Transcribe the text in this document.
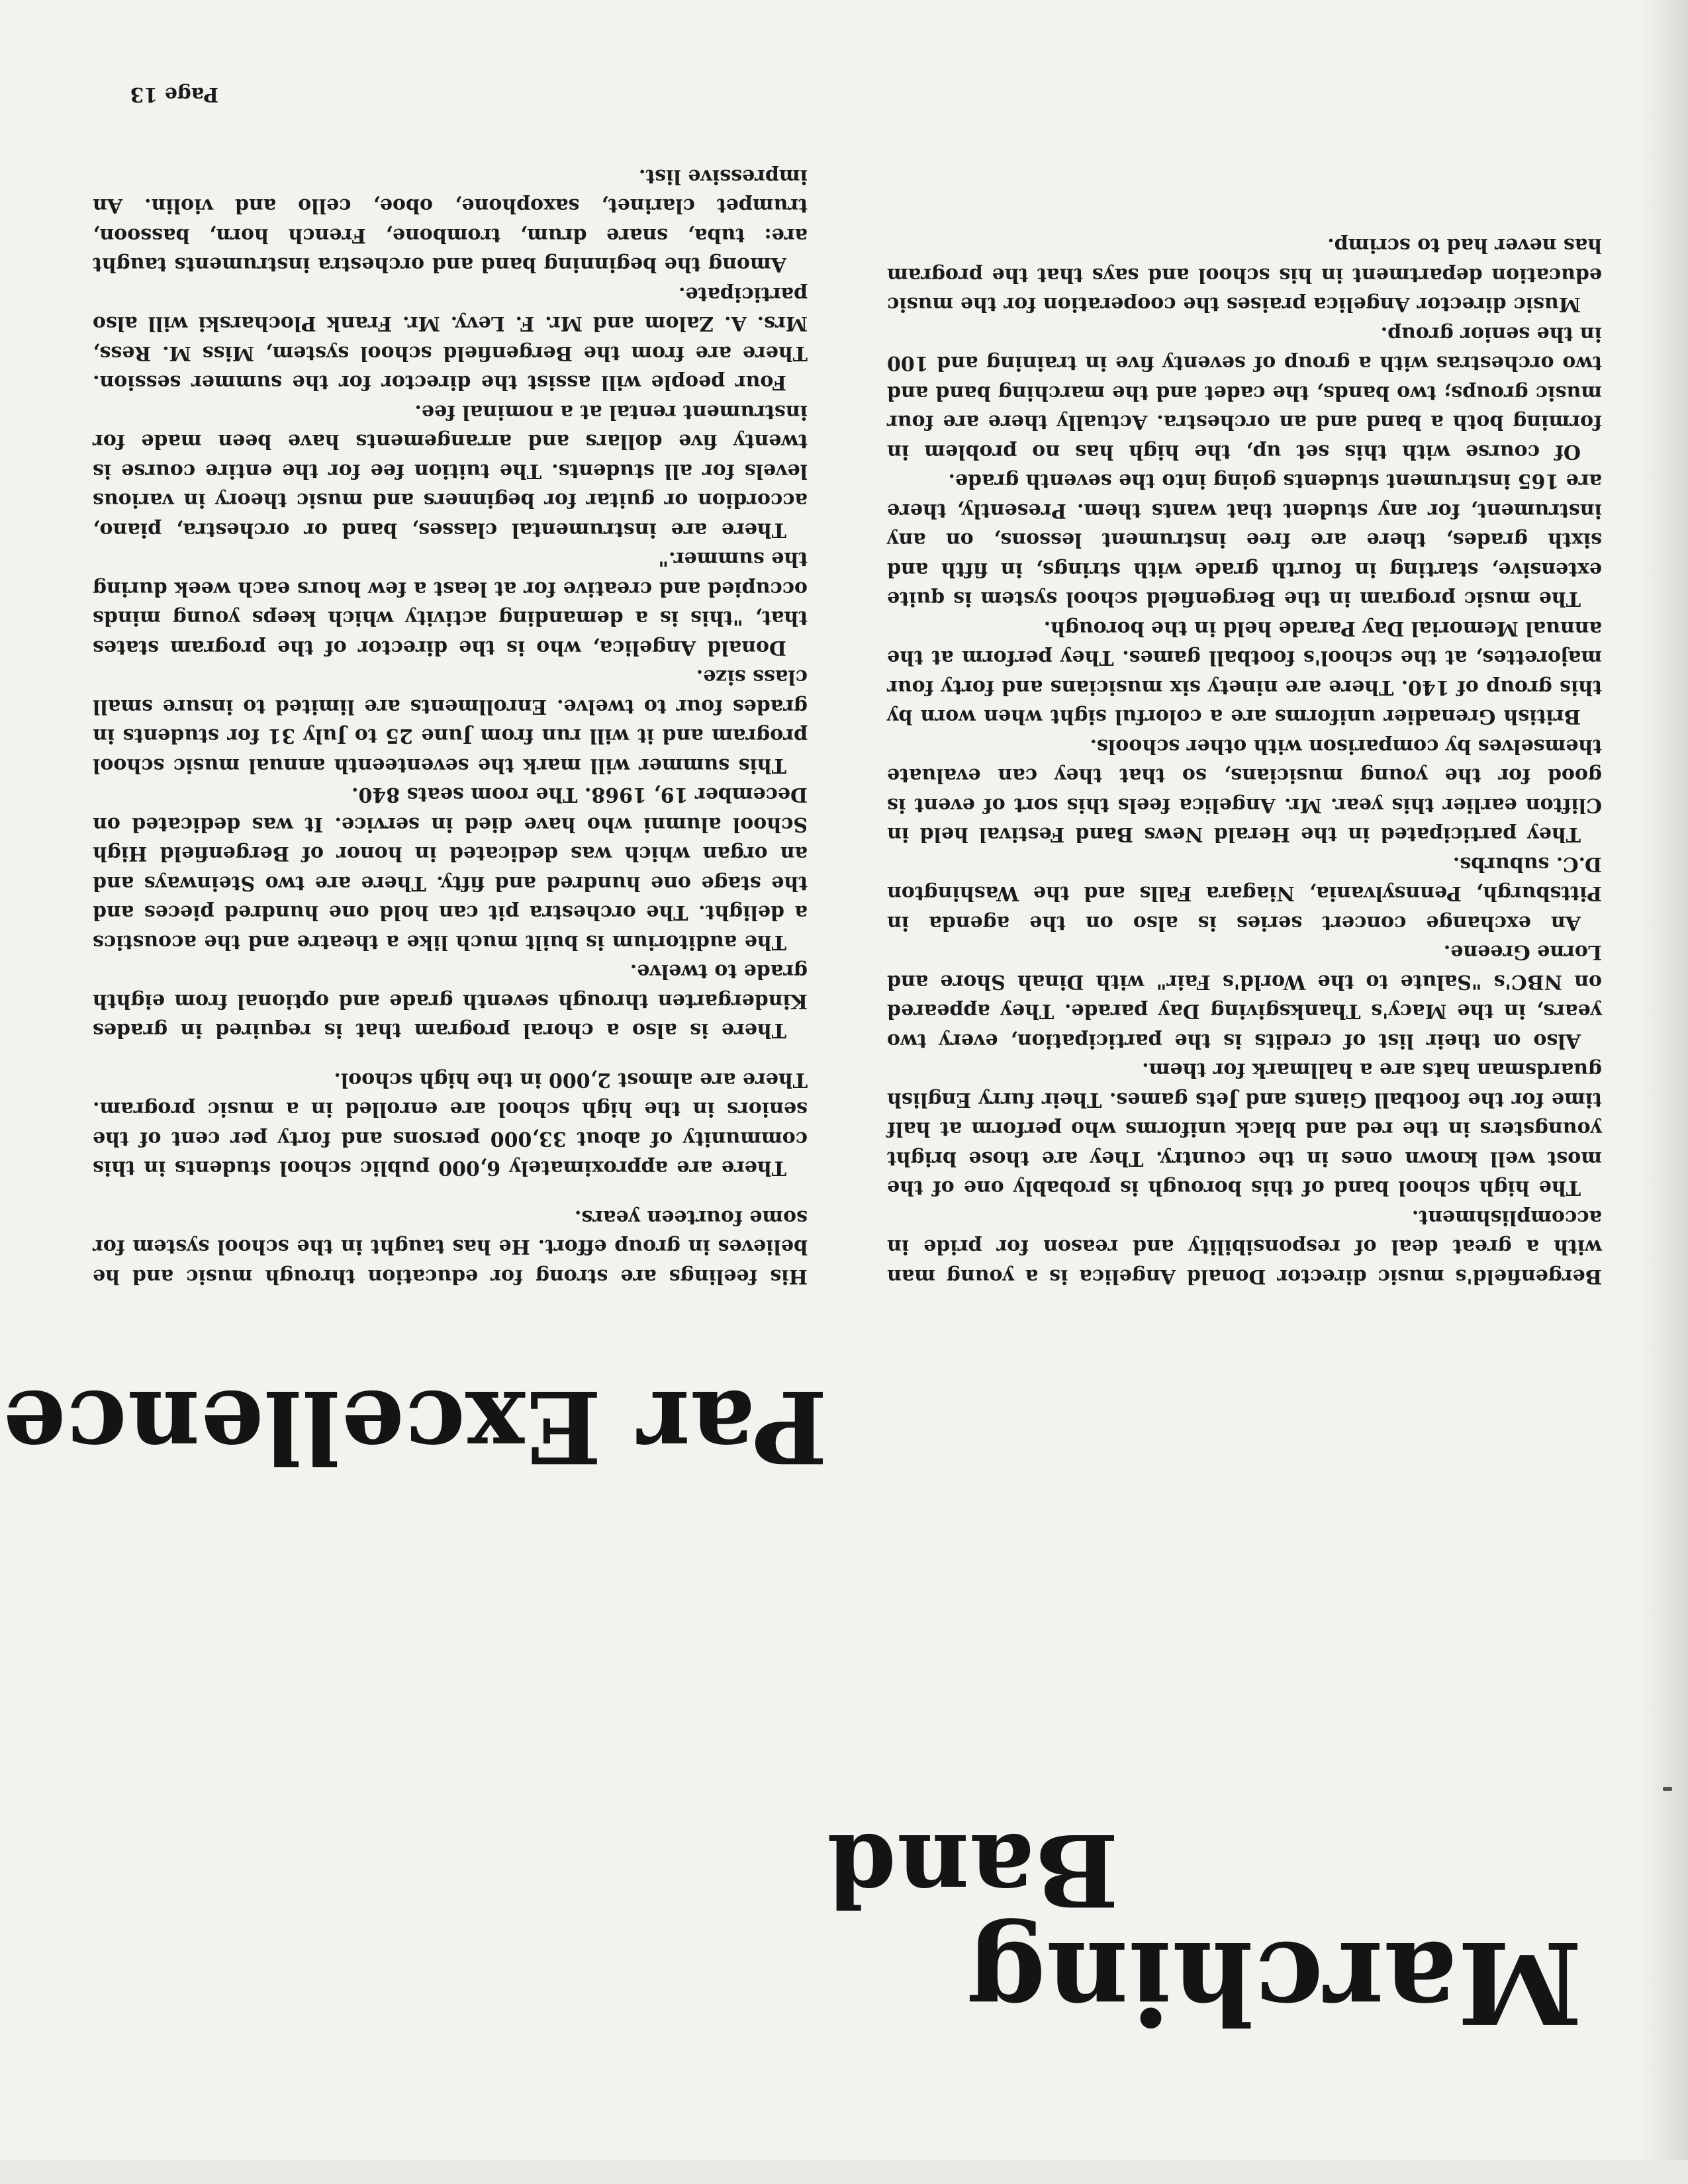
Marching
Band
Par Excellence

Bergenfield's music director Donald Angelica is a young man with a great deal of responsibility and reason for pride in accomplishment.

The high school band of this borough is probably one of the most well known ones in the country. They are those bright youngsters in the red and black uniforms who perform at half time for the football Giants and Jets games. Their furry English guardsman hats are a hallmark for them.

Also on their list of credits is the participation, every two years, in the Macy's Thanksgiving Day parade. They appeared on NBC's "Salute to the World's Fair" with Dinah Shore and Lorne Greene.

An exchange concert series is also on the agenda in Pittsburgh, Pennsylvania, Niagara Falls and the Washington D.C. suburbs.

They participated in the Herald News Band Festival held in Clifton earlier this year. Mr. Angelica feels this sort of event is good for the young musicians, so that they can evaluate themselves by comparison with other schools.

British Grenadier uniforms are a colorful sight when worn by this group of 140. There are ninety six musicians and forty four majorettes, at the school's football games. They perform at the annual Memorial Day Parade held in the borough.

The music program in the Bergenfield school system is quite extensive, starting in fourth grade with strings, in fifth and sixth grades, there are free instrument lessons, on any instrument, for any student that wants them. Presently, there are 165 instrument students going into the seventh grade.

Of course with this set up, the high has no problem in forming both a band and an orchestra. Actually there are four music groups; two bands, the cadet and the marching band and two orchestras with a group of seventy five in training and 100 in the senior group.

Music director Angelica praises the cooperation for the music education department in his school and says that the program has never had to scrimp.

His feelings are strong for education through music and he believes in group effort. He has taught in the school system for some fourteen years.

There are approximately 6,000 public school students in this community of about 33,000 persons and forty per cent of the seniors in the high school are enrolled in a music program. There are almost 2,000 in the high school.

There is also a choral program that is required in grades Kindergarten through seventh grade and optional from eighth grade to twelve.

The auditorium is built much like a theatre and the acoustics a delight. The orchestra pit can hold one hundred pieces and the stage one hundred and fifty. There are two Steinways and an organ which was dedicated in honor of Bergenfield High School alumni who have died in service. It was dedicated on December 19, 1968. The room seats 840.

This summer will mark the seventeenth annual music school program and it will run from June 25 to July 31 for students in grades four to twelve. Enrollments are limited to insure small class size.

Donald Angelica, who is the director of the program states that, "this is a demanding activity which keeps young minds occupied and creative for at least a few hours each week during the summer."

There are instrumental classes, band or orchestra, piano, accordion or guitar for beginners and music theory in various levels for all students. The tuition fee for the entire course is twenty five dollars and arrangements have been made for instrument rental at a nominal fee.

Four people will assist the director for the summer session. There are from the Bergenfield school system, Miss M. Ress, Mrs. A. Zalom and Mr. F. Levy. Mr. Frank Plocharski will also participate.

Among the beginning band and orchestra instruments taught are: tuba, snare drum, trombone, French horn, bassoon, trumpet clarinet, saxophone, oboe, cello and violin. An impressive list.

Page 13
